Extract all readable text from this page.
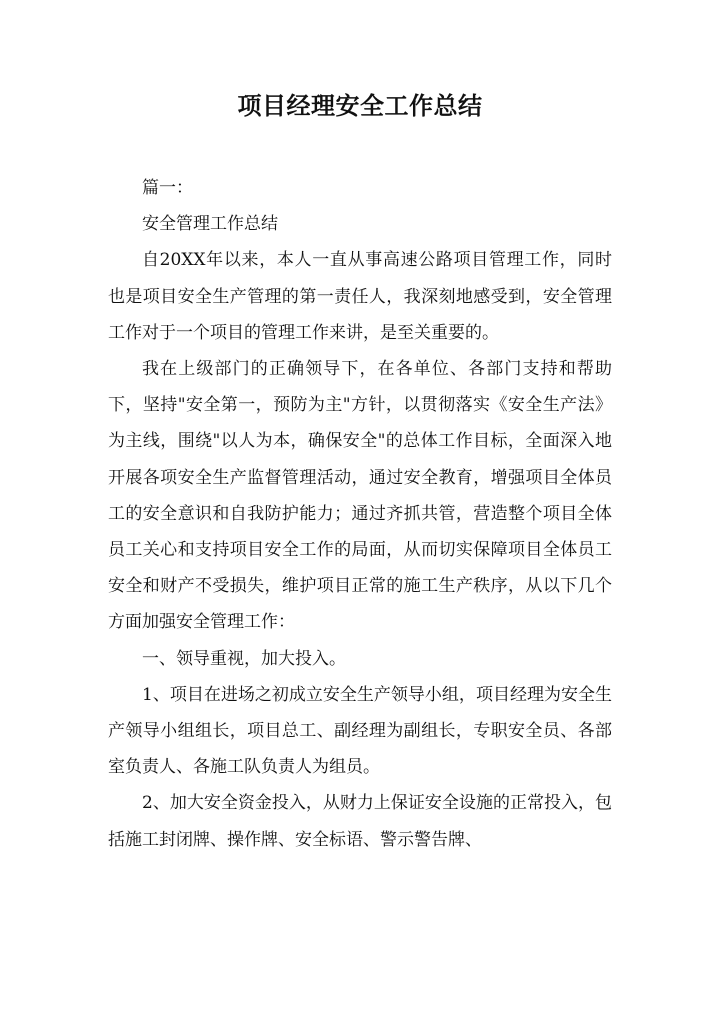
项目经理安全工作总结

篇一：

安全管理工作总结

自20XX年以来，本人一直从事高速公路项目管理工作，同时也是项目安全生产管理的第一责任人，我深刻地感受到，安全管理工作对于一个项目的管理工作来讲，是至关重要的。

我在上级部门的正确领导下，在各单位、各部门支持和帮助下，坚持"安全第一，预防为主"方针，以贯彻落实《安全生产法》为主线，围绕"以人为本，确保安全"的总体工作目标，全面深入地开展各项安全生产监督管理活动，通过安全教育，增强项目全体员工的安全意识和自我防护能力；通过齐抓共管，营造整个项目全体员工关心和支持项目安全工作的局面，从而切实保障项目全体员工安全和财产不受损失，维护项目正常的施工生产秩序，从以下几个方面加强安全管理工作：

一、领导重视，加大投入。

1、项目在进场之初成立安全生产领导小组，项目经理为安全生产领导小组组长，项目总工、副经理为副组长，专职安全员、各部室负责人、各施工队负责人为组员。

2、加大安全资金投入，从财力上保证安全设施的正常投入，包括施工封闭牌、操作牌、安全标语、警示警告牌、
